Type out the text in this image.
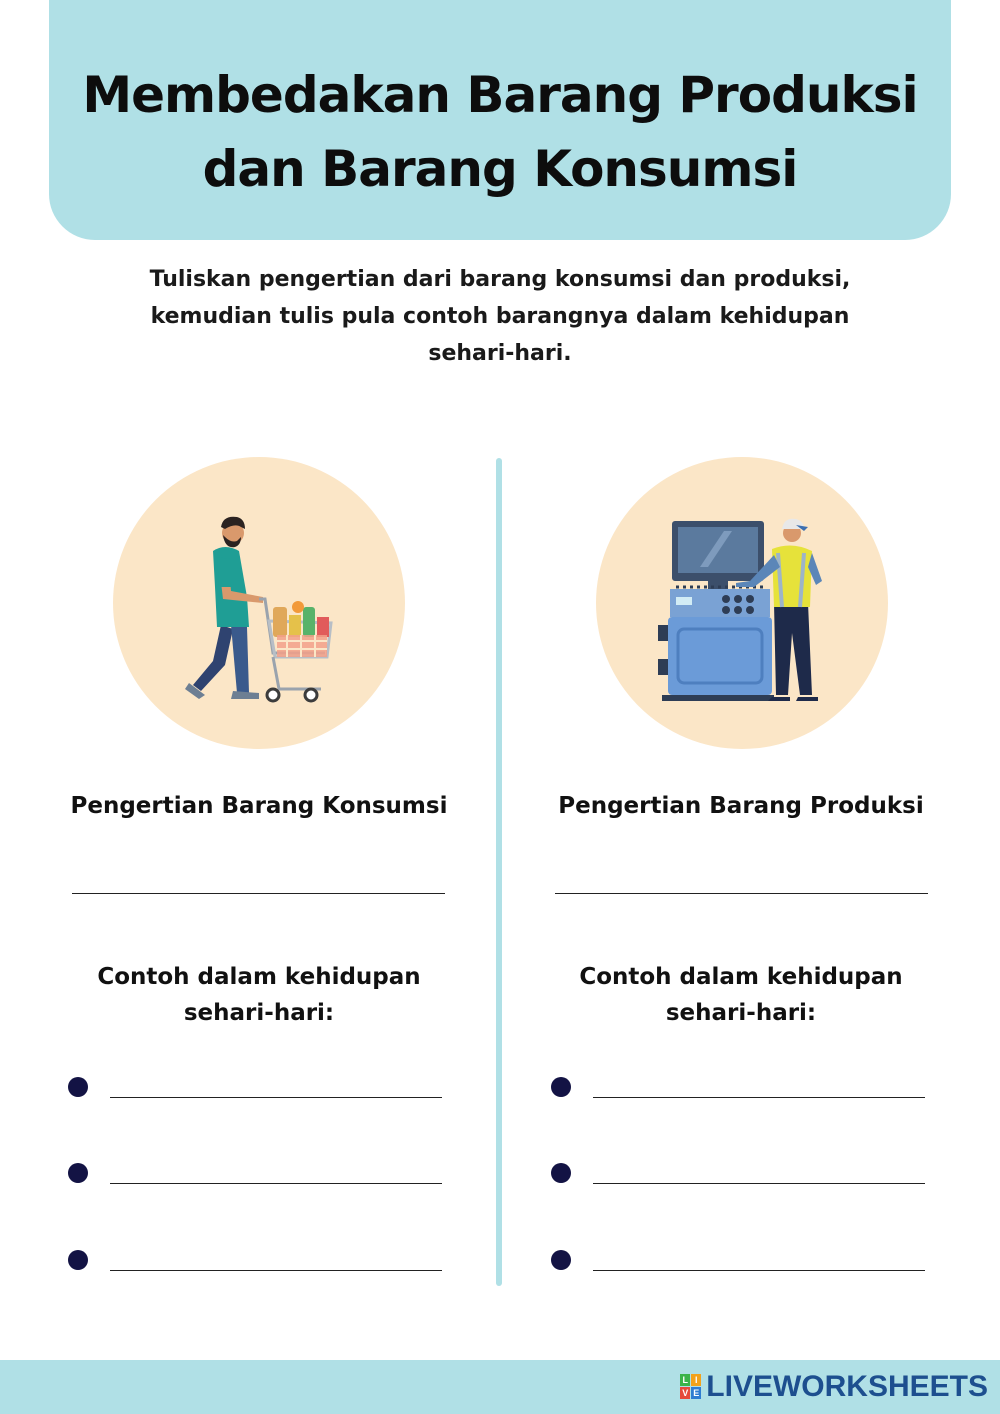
Membedakan Barang Produksi
dan Barang Konsumsi
Tuliskan pengertian dari barang konsumsi dan produksi,
kemudian tulis pula contoh barangnya dalam kehidupan
sehari-hari.
Pengertian Barang Konsumsi
Contoh dalam kehidupan
sehari-hari:
Pengertian Barang Produksi
Contoh dalam kehidupan
sehari-hari:
L I
V E LIVEWORKSHEETS
